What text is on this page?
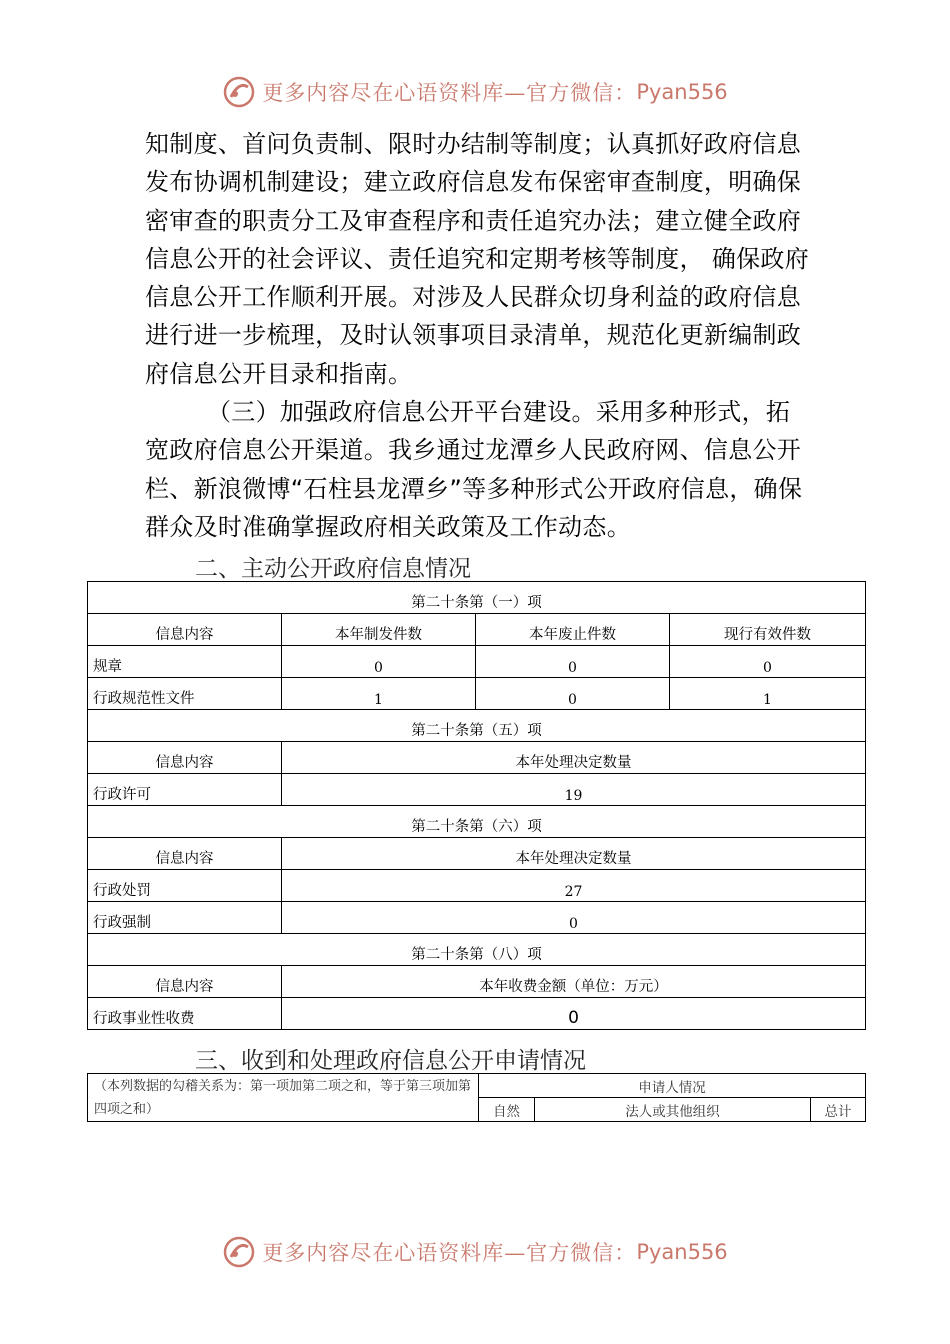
更多内容尽在心语资料库—官方微信： Pyan556

知制度、首问负责制、限时办结制等制度；认真抓好政府信息发布协调机制建设；建立政府信息发布保密审查制度，明确保密审查的职责分工及审查程序和责任追究办法；建立健全政府信息公开的社会评议、责任追究和定期考核等制度， 确保政府信息公开工作顺利开展。对涉及人民群众切身利益的政府信息进行进一步梳理，及时认领事项目录清单，规范化更新编制政府信息公开目录和指南。

（三）加强政府信息公开平台建设。采用多种形式，拓宽政府信息公开渠道。我乡通过龙潭乡人民政府网、信息公开栏、新浪微博“石柱县龙潭乡”等多种形式公开政府信息，确保群众及时准确掌握政府相关政策及工作动态。

二、主动公开政府信息情况
第二十条第（一）项			
信息内容	本年制发件数	本年废止件数	现行有效件数
规章	0	0	0
行政规范性文件	1	0	1
第二十条第（五）项			
信息内容	本年处理决定数量		
行政许可	19		
第二十条第（六）项			
信息内容	本年处理决定数量		
行政处罚	27		
行政强制	0		
第二十条第（八）项			
信息内容	本年收费金额（单位：万元）		
行政事业性收费	0		
三、收到和处理政府信息公开申请情况
（本列数据的勾稽关系为：第一项加第二项之和，等于第三项加第四项之和）	申请人情况		
	自然	法人或其他组织	总计
更多内容尽在心语资料库—官方微信： Pyan556
